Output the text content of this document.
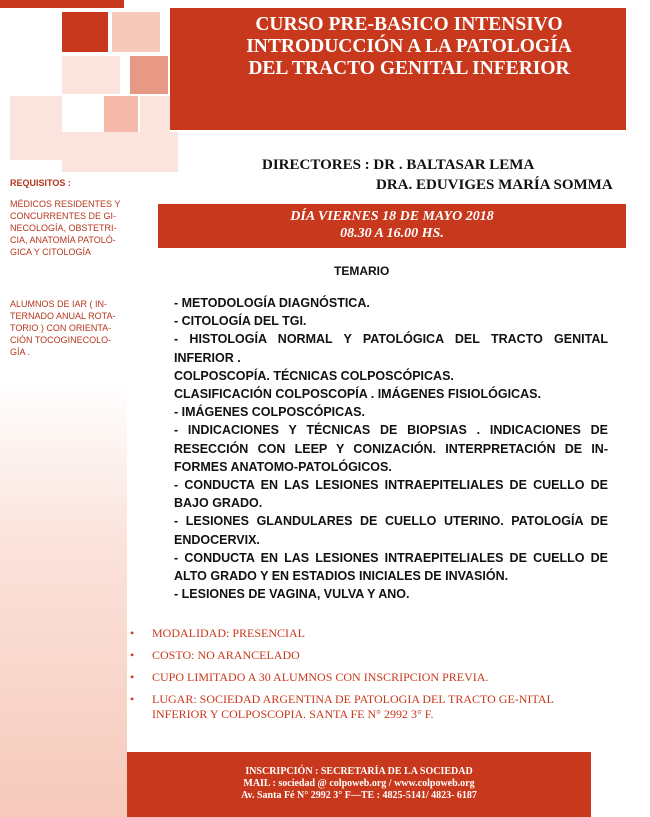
CURSO PRE-BASICO INTENSIVO
INTRODUCCIÓN A LA PATOLOGÍA
DEL TRACTO GENITAL INFERIOR
DIRECTORES : DR . BALTASAR LEMA
DRA. EDUVIGES MARÍA SOMMA
REQUISITOS :
MÉDICOS RESIDENTES Y
CONCURRENTES DE GI-
NECOLOGÍA, OBSTETRI-
CIA, ANATOMÍA PATOLÓ-
GICA Y CITOLOGÍA
ALUMNOS DE IAR ( IN-
TERNADO ANUAL ROTA-
TORIO ) CON ORIENTA-
CIÓN TOCOGINECOLO-
GÍA .
DÍA VIERNES 18 DE MAYO 2018
08.30 A 16.00 HS.
TEMARIO
- METODOLOGÍA DIAGNÓSTICA.
- CITOLOGÍA DEL TGI.
- HISTOLOGÍA NORMAL Y PATOLÓGICA DEL TRACTO GENITAL INFERIOR .
COLPOSCOPÍA. TÉCNICAS COLPOSCÓPICAS.
CLASIFICACIÓN COLPOSCOPÍA . IMÁGENES FISIOLÓGICAS.
- IMÁGENES COLPOSCÓPICAS.
- INDICACIONES Y TÉCNICAS DE BIOPSIAS . INDICACIONES DE RESECCIÓN CON LEEP Y CONIZACIÓN. INTERPRETACIÓN DE IN-FORMES ANATOMO-PATOLÓGICOS.
- CONDUCTA EN LAS LESIONES INTRAEPITELIALES DE CUELLO DE BAJO GRADO.
- LESIONES GLANDULARES DE CUELLO UTERINO. PATOLOGÍA DE ENDOCERVIX.
- CONDUCTA EN LAS LESIONES INTRAEPITELIALES DE CUELLO DE ALTO GRADO Y EN ESTADIOS INICIALES DE INVASIÓN.
- LESIONES DE VAGINA, VULVA Y ANO.
• MODALIDAD: PRESENCIAL
• COSTO: NO ARANCELADO
• CUPO LIMITADO A 30 ALUMNOS CON INSCRIPCION PREVIA.
• LUGAR: SOCIEDAD ARGENTINA DE PATOLOGIA DEL TRACTO GE-NITAL INFERIOR Y COLPOSCOPIA. SANTA FE N° 2992 3° F.
INSCRIPCIÓN : SECRETARÍA DE LA SOCIEDAD
MAIL : sociedad @ colpoweb.org / www.colpoweb.org
Av. Santa Fé N° 2992 3° F—TE : 4825-5141/ 4823- 6187
